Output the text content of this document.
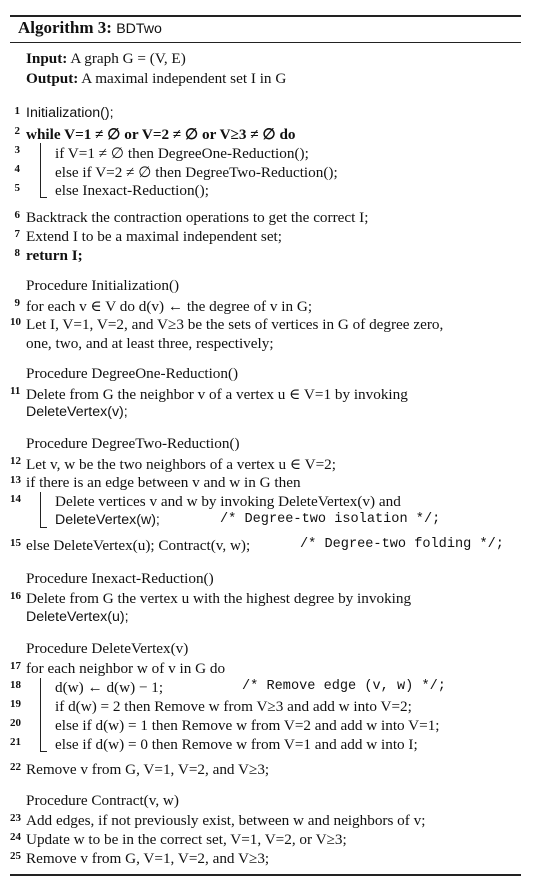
Algorithm 3: BDTwo
Input: A graph G = (V, E)
Output: A maximal independent set I in G
1 Initialization();
2 while V=1 ≠ ∅ or V=2 ≠ ∅ or V≥3 ≠ ∅ do
3 if V=1 ≠ ∅ then DegreeOne-Reduction();
4 else if V=2 ≠ ∅ then DegreeTwo-Reduction();
5 else Inexact-Reduction();
6 Backtrack the contraction operations to get the correct I;
7 Extend I to be a maximal independent set;
8 return I;
Procedure Initialization()
9 for each v ∈ V do d(v) ← the degree of v in G;
10 Let I, V=1, V=2, and V≥3 be the sets of vertices in G of degree zero,
one, two, and at least three, respectively;
Procedure DegreeOne-Reduction()
11 Delete from G the neighbor v of a vertex u ∈ V=1 by invoking
DeleteVertex(v);
Procedure DegreeTwo-Reduction()
12 Let v, w be the two neighbors of a vertex u ∈ V=2;
13 if there is an edge between v and w in G then
14 Delete vertices v and w by invoking DeleteVertex(v) and
DeleteVertex(w);	/* Degree-two isolation */;
15 else DeleteVertex(u); Contract(v, w);	/* Degree-two folding */;
Procedure Inexact-Reduction()
16 Delete from G the vertex u with the highest degree by invoking
DeleteVertex(u);
Procedure DeleteVertex(v)
17 for each neighbor w of v in G do
18 d(w) ← d(w) − 1;	/* Remove edge (v, w) */;
19 if d(w) = 2 then Remove w from V≥3 and add w into V=2;
20 else if d(w) = 1 then Remove w from V=2 and add w into V=1;
21 else if d(w) = 0 then Remove w from V=1 and add w into I;
22 Remove v from G, V=1, V=2, and V≥3;
Procedure Contract(v, w)
23 Add edges, if not previously exist, between w and neighbors of v;
24 Update w to be in the correct set, V=1, V=2, or V≥3;
25 Remove v from G, V=1, V=2, and V≥3;
